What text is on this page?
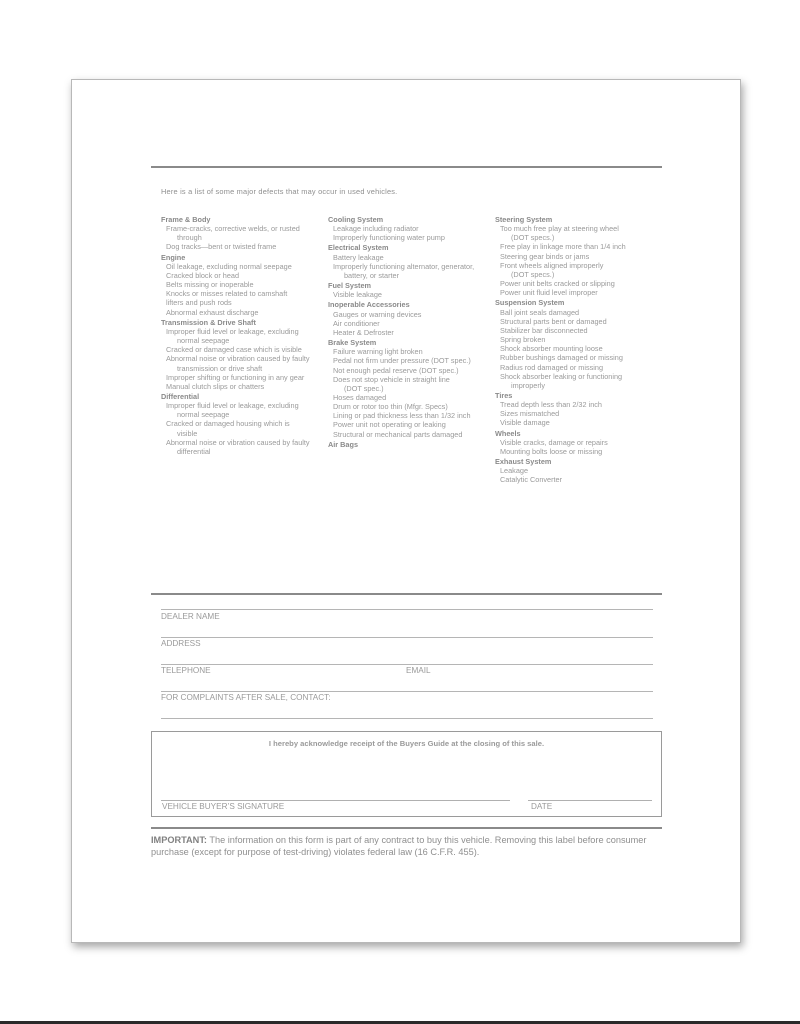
Here is a list of some major defects that may occur in used vehicles.
Frame & Body
Frame-cracks, corrective welds, or rusted
through
Dog tracks—bent or twisted frame
Engine
Oil leakage, excluding normal seepage
Cracked block or head
Belts missing or inoperable
Knocks or misses related to camshaft
lifters and push rods
Abnormal exhaust discharge
Transmission & Drive Shaft
Improper fluid level or leakage, excluding
normal seepage
Cracked or damaged case which is visible
Abnormal noise or vibration caused by faulty
transmission or drive shaft
Improper shifting or functioning in any gear
Manual clutch slips or chatters
Differential
Improper fluid level or leakage, excluding
normal seepage
Cracked or damaged housing which is
visible
Abnormal noise or vibration caused by faulty
differential
Cooling System
Leakage including radiator
Improperly functioning water pump
Electrical System
Battery leakage
Improperly functioning alternator, generator,
battery, or starter
Fuel System
Visible leakage
Inoperable Accessories
Gauges or warning devices
Air conditioner
Heater & Defroster
Brake System
Failure warning light broken
Pedal not firm under pressure (DOT spec.)
Not enough pedal reserve (DOT spec.)
Does not stop vehicle in straight line
(DOT spec.)
Hoses damaged
Drum or rotor too thin (Mfgr. Specs)
Lining or pad thickness less than 1/32 inch
Power unit not operating or leaking
Structural or mechanical parts damaged
Air Bags
Steering System
Too much free play at steering wheel
(DOT specs.)
Free play in linkage more than 1/4 inch
Steering gear binds or jams
Front wheels aligned improperly
(DOT specs.)
Power unit belts cracked or slipping
Power unit fluid level improper
Suspension System
Ball joint seals damaged
Structural parts bent or damaged
Stabilizer bar disconnected
Spring broken
Shock absorber mounting loose
Rubber bushings damaged or missing
Radius rod damaged or missing
Shock absorber leaking or functioning
improperly
Tires
Tread depth less than 2/32 inch
Sizes mismatched
Visible damage
Wheels
Visible cracks, damage or repairs
Mounting bolts loose or missing
Exhaust System
Leakage
Catalytic Converter
DEALER NAME
ADDRESS
TELEPHONE	EMAIL
FOR COMPLAINTS AFTER SALE, CONTACT:
I hereby acknowledge receipt of the Buyers Guide at the closing of this sale.
VEHICLE BUYER’S SIGNATURE	DATE
IMPORTANT: The information on this form is part of any contract to buy this vehicle. Removing this label before consumer purchase (except for purpose of test-driving) violates federal law (16 C.F.R. 455).
